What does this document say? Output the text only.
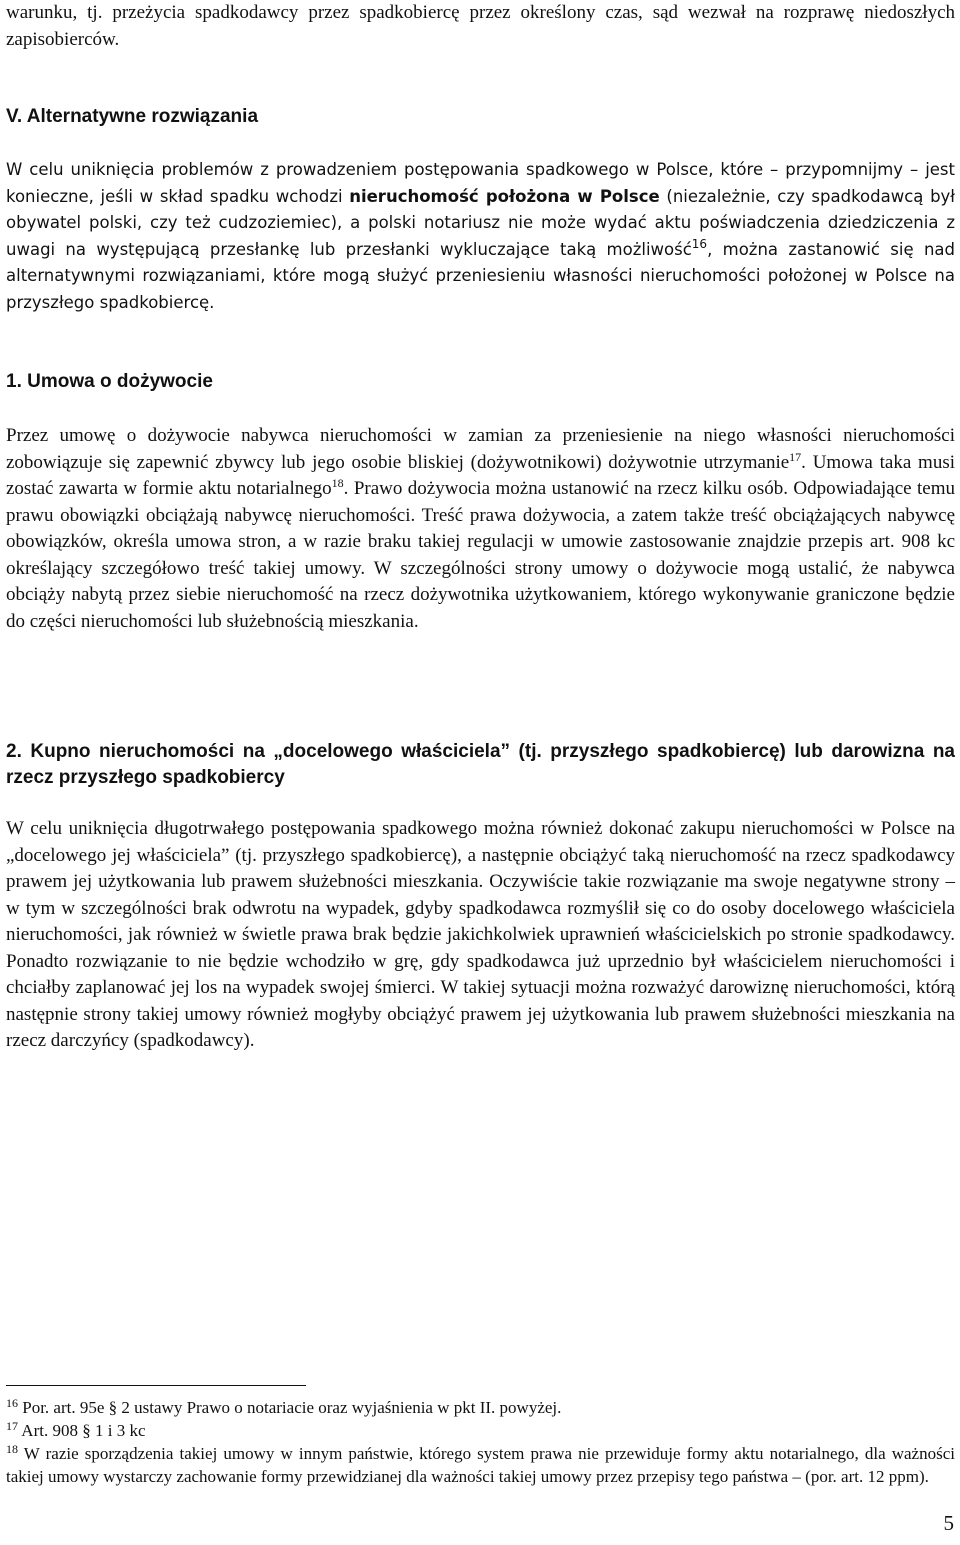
warunku, tj. przeżycia spadkodawcy przez spadkobiercę przez określony czas, sąd wezwał na rozprawę niedoszłych zapisobierców.

V. Alternatywne rozwiązania

W celu uniknięcia problemów z prowadzeniem postępowania spadkowego w Polsce, które – przypomnijmy – jest konieczne, jeśli w skład spadku wchodzi nieruchomość położona w Polsce (niezależnie, czy spadkodawcą był obywatel polski, czy też cudzoziemiec), a polski notariusz nie może wydać aktu poświadczenia dziedziczenia z uwagi na występującą przesłankę lub przesłanki wykluczające taką możliwość$^{16}$, można zastanowić się nad alternatywnymi rozwiązaniami, które mogą służyć przeniesieniu własności nieruchomości położonej w Polsce na przyszłego spadkobiercę.

1. Umowa o dożywocie

Przez umowę o dożywocie nabywca nieruchomości w zamian za przeniesienie na niego własności nieruchomości zobowiązuje się zapewnić zbywcy lub jego osobie bliskiej (dożywotnikowi) dożywotnie utrzymanie$^{17}$. Umowa taka musi zostać zawarta w formie aktu notarialnego$^{18}$. Prawo dożywocia można ustanowić na rzecz kilku osób. Odpowiadające temu prawu obowiązki obciążają nabywcę nieruchomości. Treść prawa dożywocia, a zatem także treść obciążających nabywcę obowiązków, określa umowa stron, a w razie braku takiej regulacji w umowie zastosowanie znajdzie przepis art. 908 kc określający szczegółowo treść takiej umowy. W szczególności strony umowy o dożywocie mogą ustalić, że nabywca obciąży nabytą przez siebie nieruchomość na rzecz dożywotnika użytkowaniem, którego wykonywanie graniczone będzie do części nieruchomości lub służebnością mieszkania.

2. Kupno nieruchomości na „docelowego właściciela” (tj. przyszłego spadkobiercę) lub darowizna na rzecz przyszłego spadkobiercy

W celu uniknięcia długotrwałego postępowania spadkowego można również dokonać zakupu nieruchomości w Polsce na „docelowego jej właściciela” (tj. przyszłego spadkobiercę), a następnie obciążyć taką nieruchomość na rzecz spadkodawcy prawem jej użytkowania lub prawem służebności mieszkania. Oczywiście takie rozwiązanie ma swoje negatywne strony – w tym w szczególności brak odwrotu na wypadek, gdyby spadkodawca rozmyślił się co do osoby docelowego właściciela nieruchomości, jak również w świetle prawa brak będzie jakichkolwiek uprawnień właścicielskich po stronie spadkodawcy. Ponadto rozwiązanie to nie będzie wchodziło w grę, gdy spadkodawca już uprzednio był właścicielem nieruchomości i chciałby zaplanować jej los na wypadek swojej śmierci. W takiej sytuacji można rozważyć darowiznę nieruchomości, którą następnie strony takiej umowy również mogłyby obciążyć prawem jej użytkowania lub prawem służebności mieszkania na rzecz darczyńcy (spadkodawcy).

$^{16}$ Por. art. 95e § 2 ustawy Prawo o notariacie oraz wyjaśnienia w pkt II. powyżej.

$^{17}$ Art. 908 § 1 i 3 kc

$^{18}$ W razie sporządzenia takiej umowy w innym państwie, którego system prawa nie przewiduje formy aktu notarialnego, dla ważności takiej umowy wystarczy zachowanie formy przewidzianej dla ważności takiej umowy przez przepisy tego państwa – (por. art. 12 ppm).

5
